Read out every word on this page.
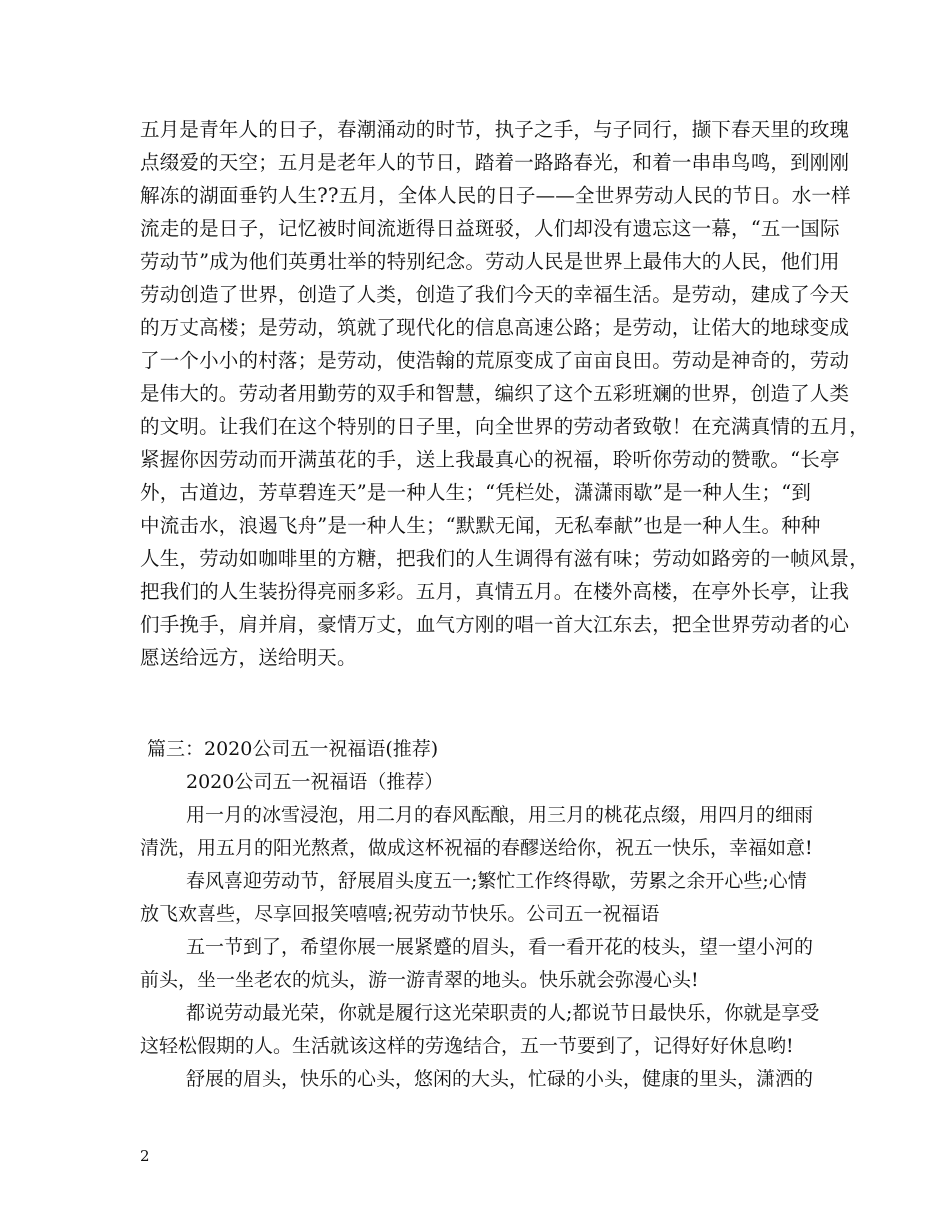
五月是青年人的日子，春潮涌动的时节，执子之手，与子同行，撷下春天里的玫瑰
点缀爱的天空；五月是老年人的节日，踏着一路路春光，和着一串串鸟鸣，到刚刚
解冻的湖面垂钓人生??五月，全体人民的日子——全世界劳动人民的节日。水一样
流走的是日子，记忆被时间流逝得日益斑驳，人们却没有遗忘这一幕，“五一国际
劳动节”成为他们英勇壮举的特别纪念。劳动人民是世界上最伟大的人民，他们用
劳动创造了世界，创造了人类，创造了我们今天的幸福生活。是劳动，建成了今天
的万丈高楼；是劳动，筑就了现代化的信息高速公路；是劳动，让偌大的地球变成
了一个小小的村落；是劳动，使浩翰的荒原变成了亩亩良田。劳动是神奇的，劳动
是伟大的。劳动者用勤劳的双手和智慧，编织了这个五彩班斓的世界，创造了人类
的文明。让我们在这个特别的日子里，向全世界的劳动者致敬！在充满真情的五月，
紧握你因劳动而开满茧花的手，送上我最真心的祝福，聆听你劳动的赞歌。“长亭
外，古道边，芳草碧连天”是一种人生；“凭栏处，潇潇雨歇”是一种人生；“到
中流击水，浪遏飞舟”是一种人生；“默默无闻，无私奉献”也是一种人生。种种
人生，劳动如咖啡里的方糖，把我们的人生调得有滋有味；劳动如路旁的一帧风景，
把我们的人生装扮得亮丽多彩。五月，真情五月。在楼外高楼，在亭外长亭，让我
们手挽手，肩并肩，豪情万丈，血气方刚的唱一首大江东去，把全世界劳动者的心
愿送给远方，送给明天。
篇三：2020公司五一祝福语(推荐)
2020公司五一祝福语（推荐）
用一月的冰雪浸泡，用二月的春风酝酿，用三月的桃花点缀，用四月的细雨
清洗，用五月的阳光熬煮，做成这杯祝福的春醪送给你，祝五一快乐，幸福如意!
春风喜迎劳动节，舒展眉头度五一;繁忙工作终得歇，劳累之余开心些;心情
放飞欢喜些，尽享回报笑嘻嘻;祝劳动节快乐。公司五一祝福语
五一节到了，希望你展一展紧蹙的眉头，看一看开花的枝头，望一望小河的
前头，坐一坐老农的炕头，游一游青翠的地头。快乐就会弥漫心头!
都说劳动最光荣，你就是履行这光荣职责的人;都说节日最快乐，你就是享受
这轻松假期的人。生活就该这样的劳逸结合，五一节要到了，记得好好休息哟!
舒展的眉头，快乐的心头，悠闲的大头，忙碌的小头，健康的里头，潇洒的
2
